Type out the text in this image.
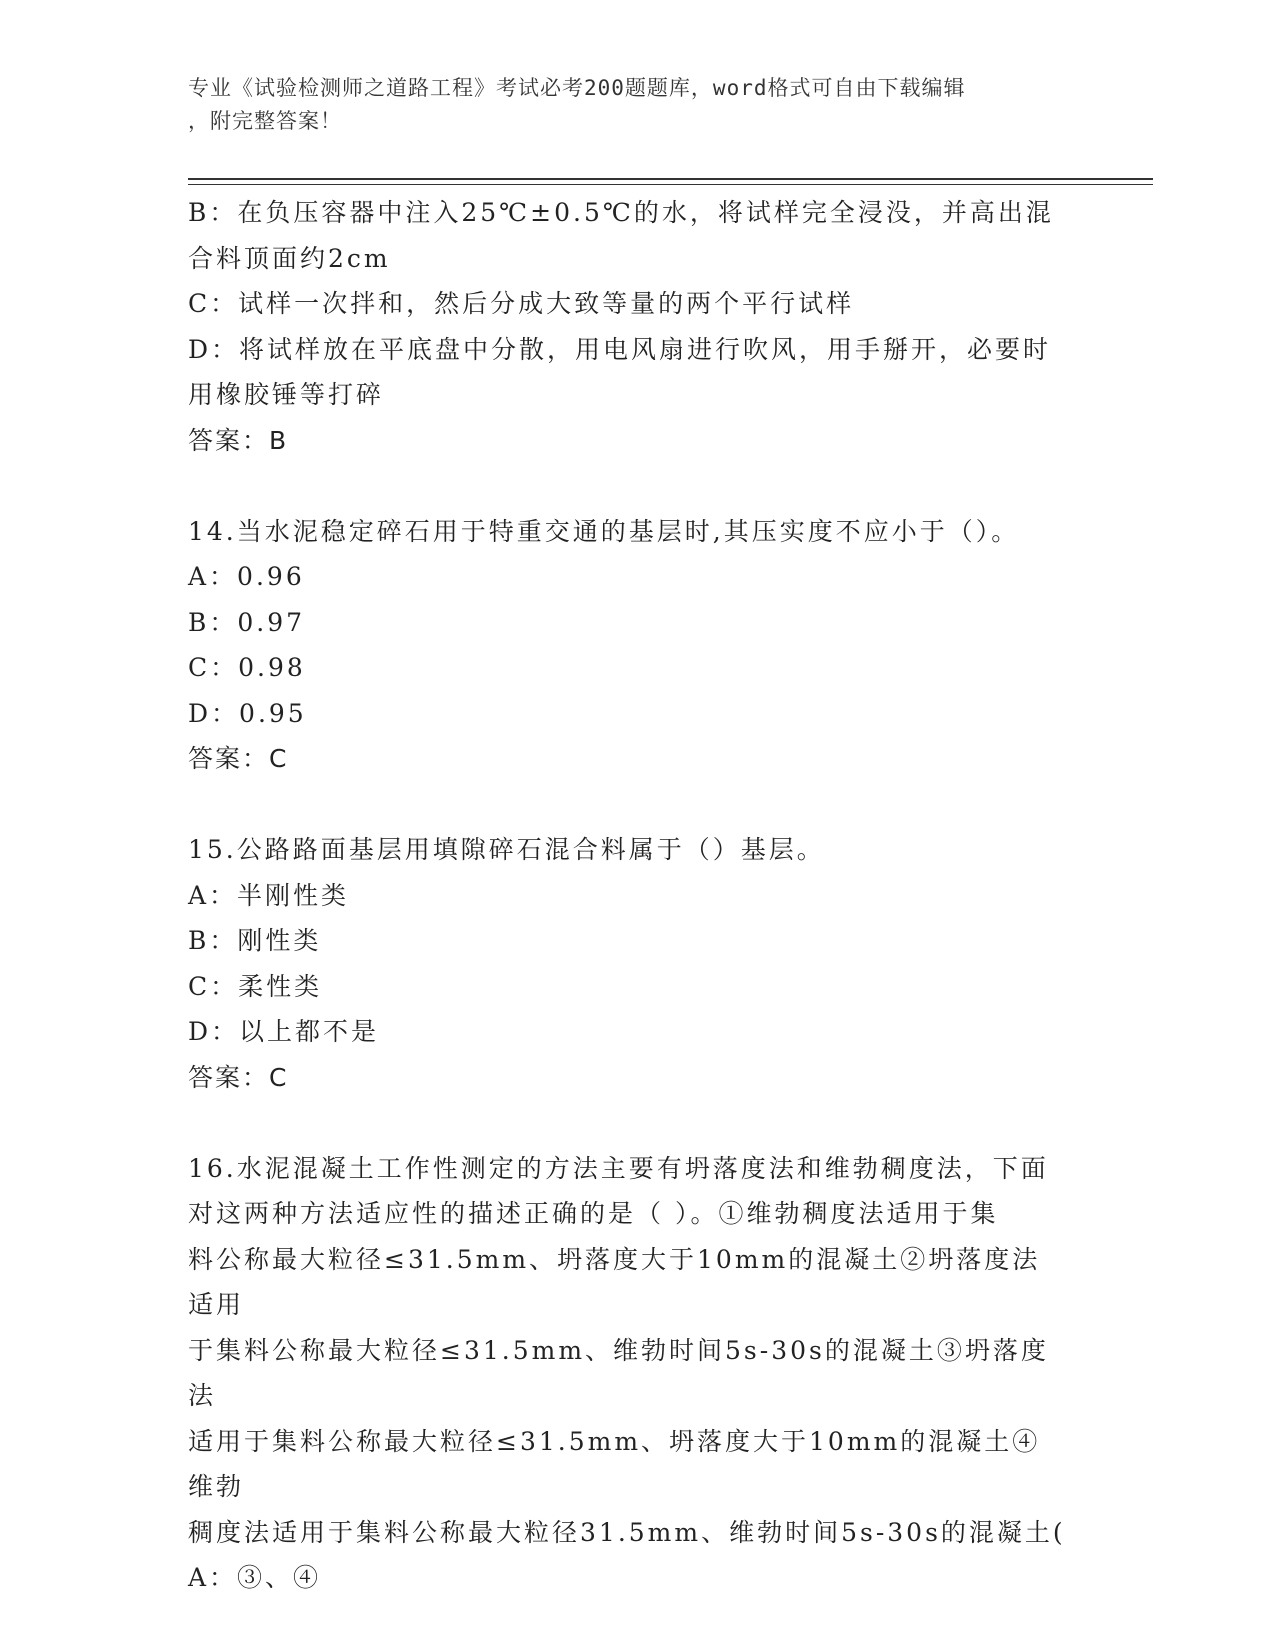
专业《试验检测师之道路工程》考试必考200题题库，word格式可自由下载编辑
，附完整答案！
B：在负压容器中注入25℃±0.5℃的水，将试样完全浸没，并高出混
合料顶面约2cm
C：试样一次拌和，然后分成大致等量的两个平行试样
D：将试样放在平底盘中分散，用电风扇进行吹风，用手掰开，必要时
用橡胶锤等打碎
答案：B
14.当水泥稳定碎石用于特重交通的基层时,其压实度不应小于（）。
A：0.96
B：0.97
C：0.98
D：0.95
答案：C
15.公路路面基层用填隙碎石混合料属于（）基层。
A：半刚性类
B：刚性类
C：柔性类
D：以上都不是
答案：C
16.水泥混凝土工作性测定的方法主要有坍落度法和维勃稠度法，下面
对这两种方法适应性的描述正确的是（ ）。①维勃稠度法适用于集
料公称最大粒径≤31.5mm、坍落度大于10mm的混凝土②坍落度法适用
于集料公称最大粒径≤31.5mm、维勃时间5s-30s的混凝土③坍落度法
适用于集料公称最大粒径≤31.5mm、坍落度大于10mm的混凝土④维勃
稠度法适用于集料公称最大粒径31.5mm、维勃时间5s-30s的混凝土(
A：③、④
